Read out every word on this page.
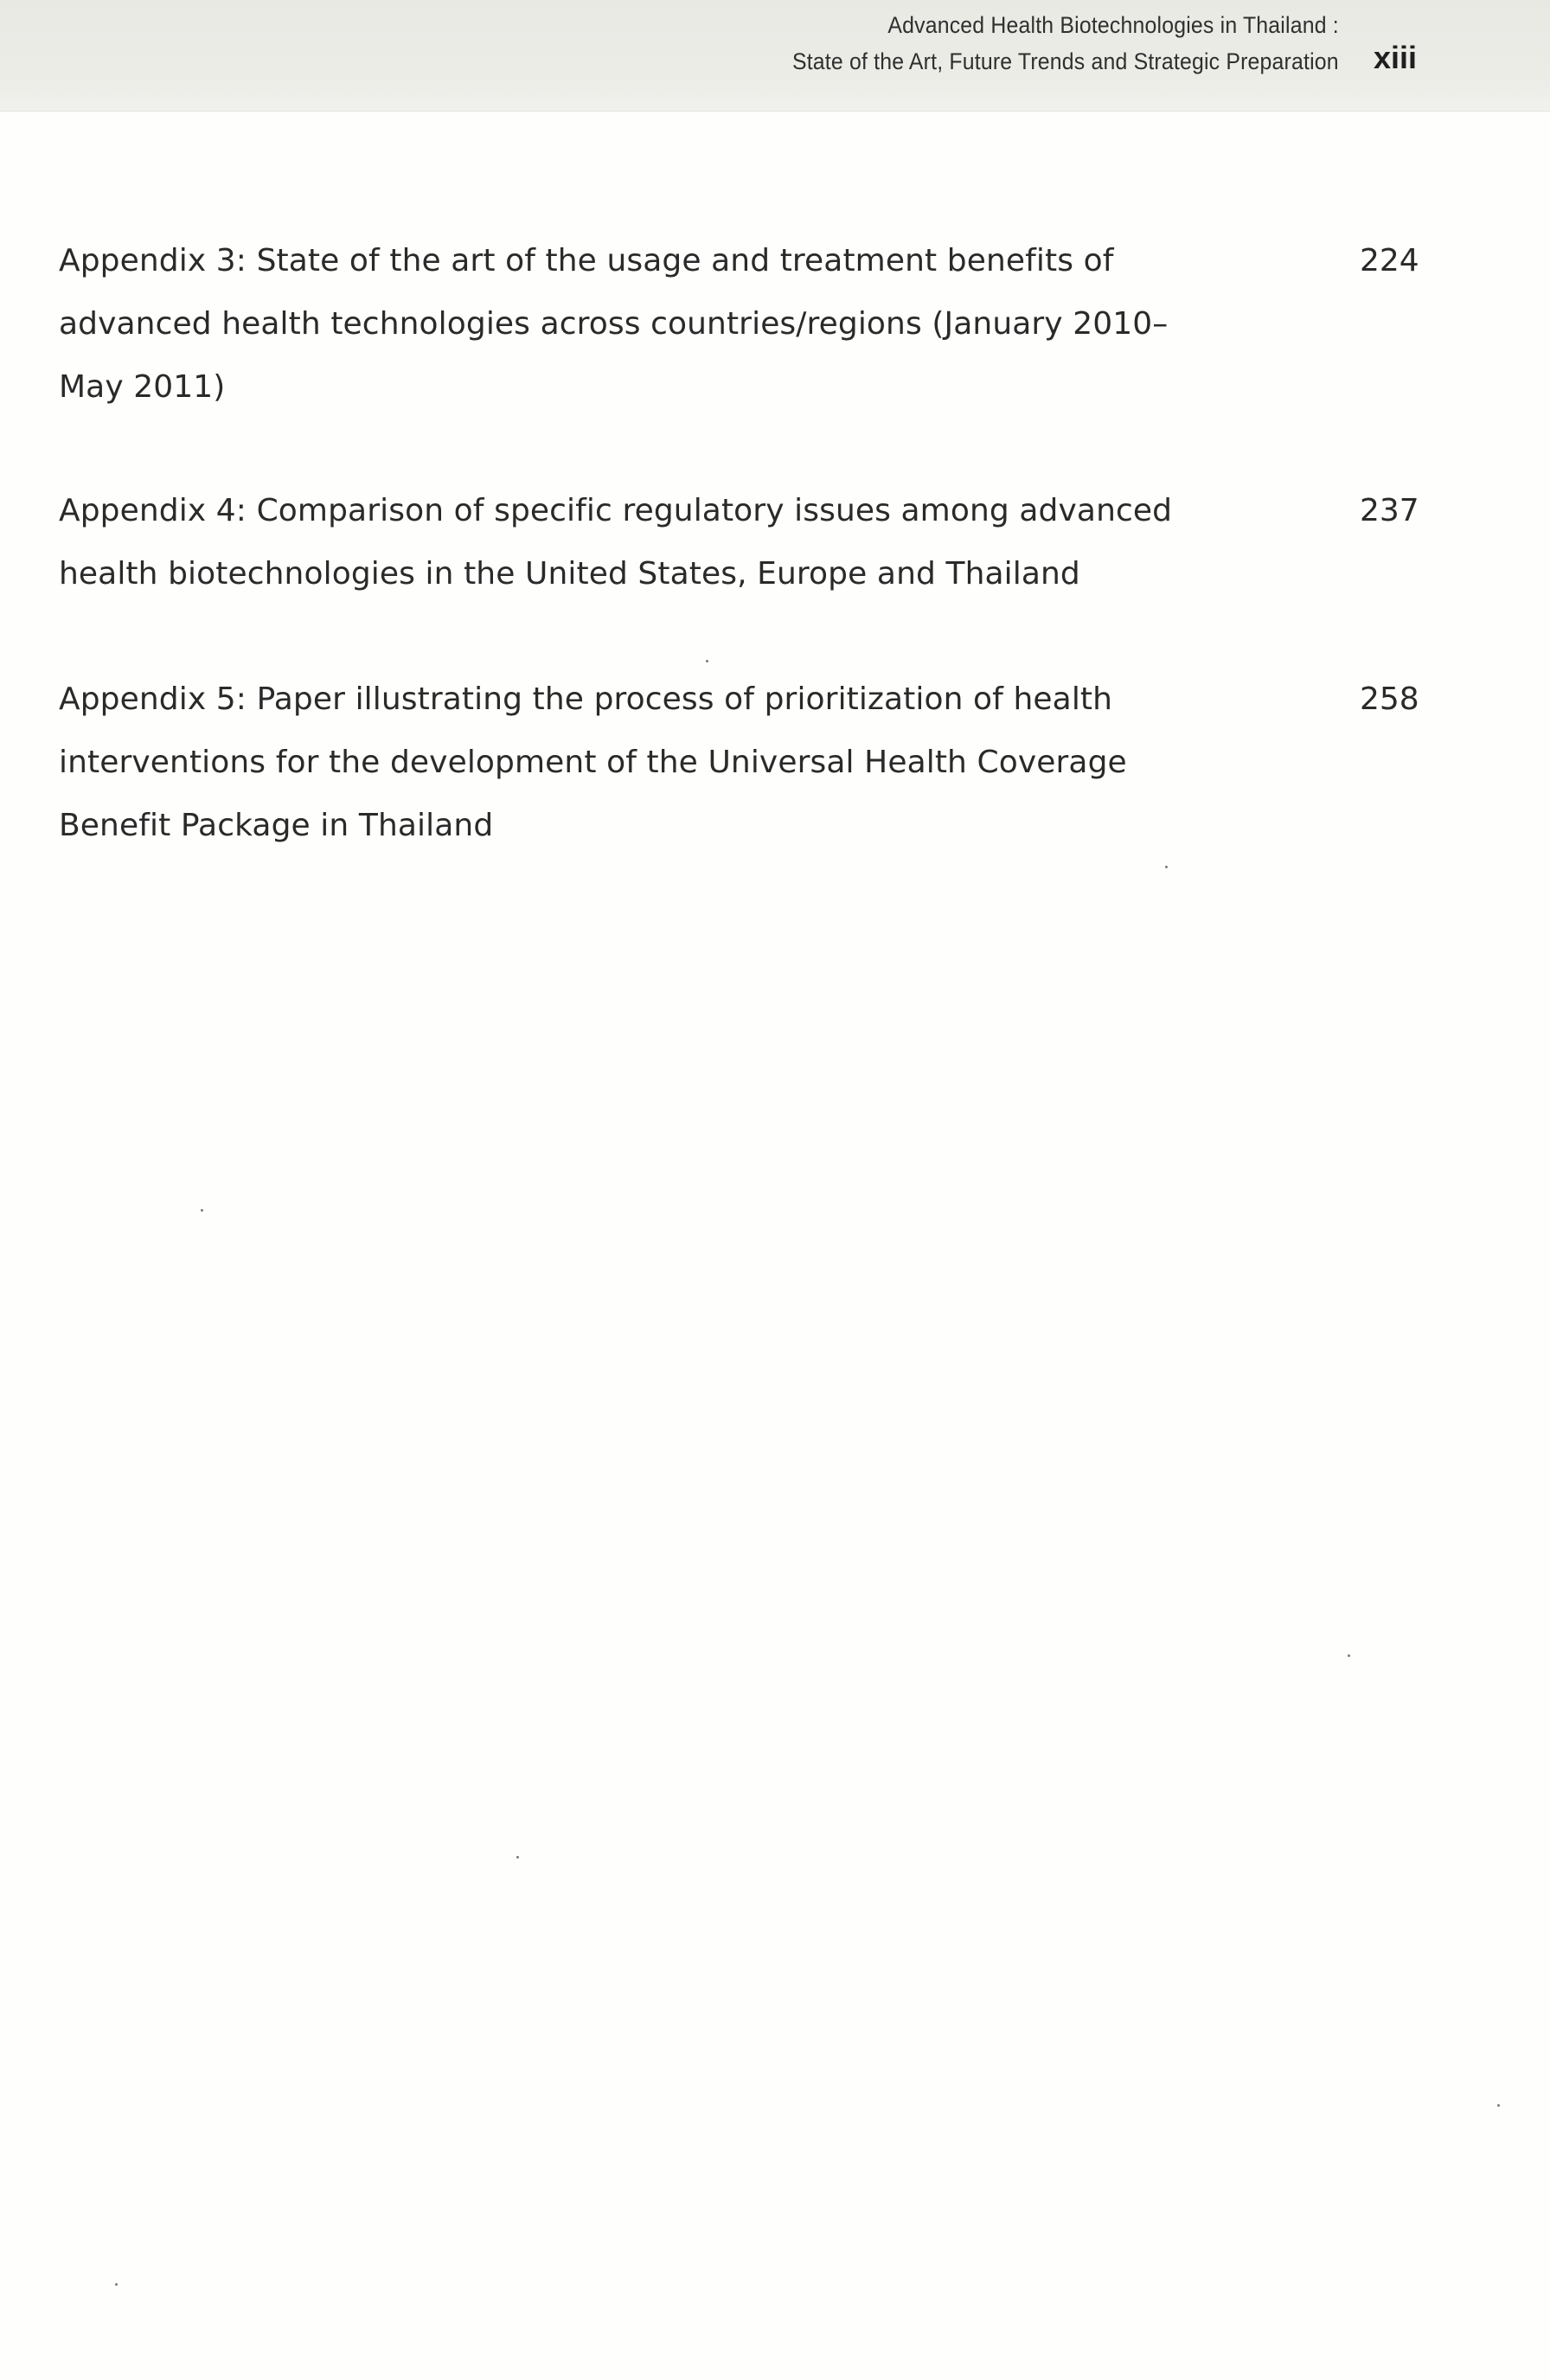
Advanced Health Biotechnologies in Thailand :
State of the Art, Future Trends and Strategic Preparation xiii
Appendix 3: State of the art of the usage and treatment benefits of advanced health technologies across countries/regions (January 2010–May 2011)
224
Appendix 4: Comparison of specific regulatory issues among advanced health biotechnologies in the United States, Europe and Thailand
237
Appendix 5: Paper illustrating the process of prioritization of health interventions for the development of the Universal Health Coverage Benefit Package in Thailand
258
